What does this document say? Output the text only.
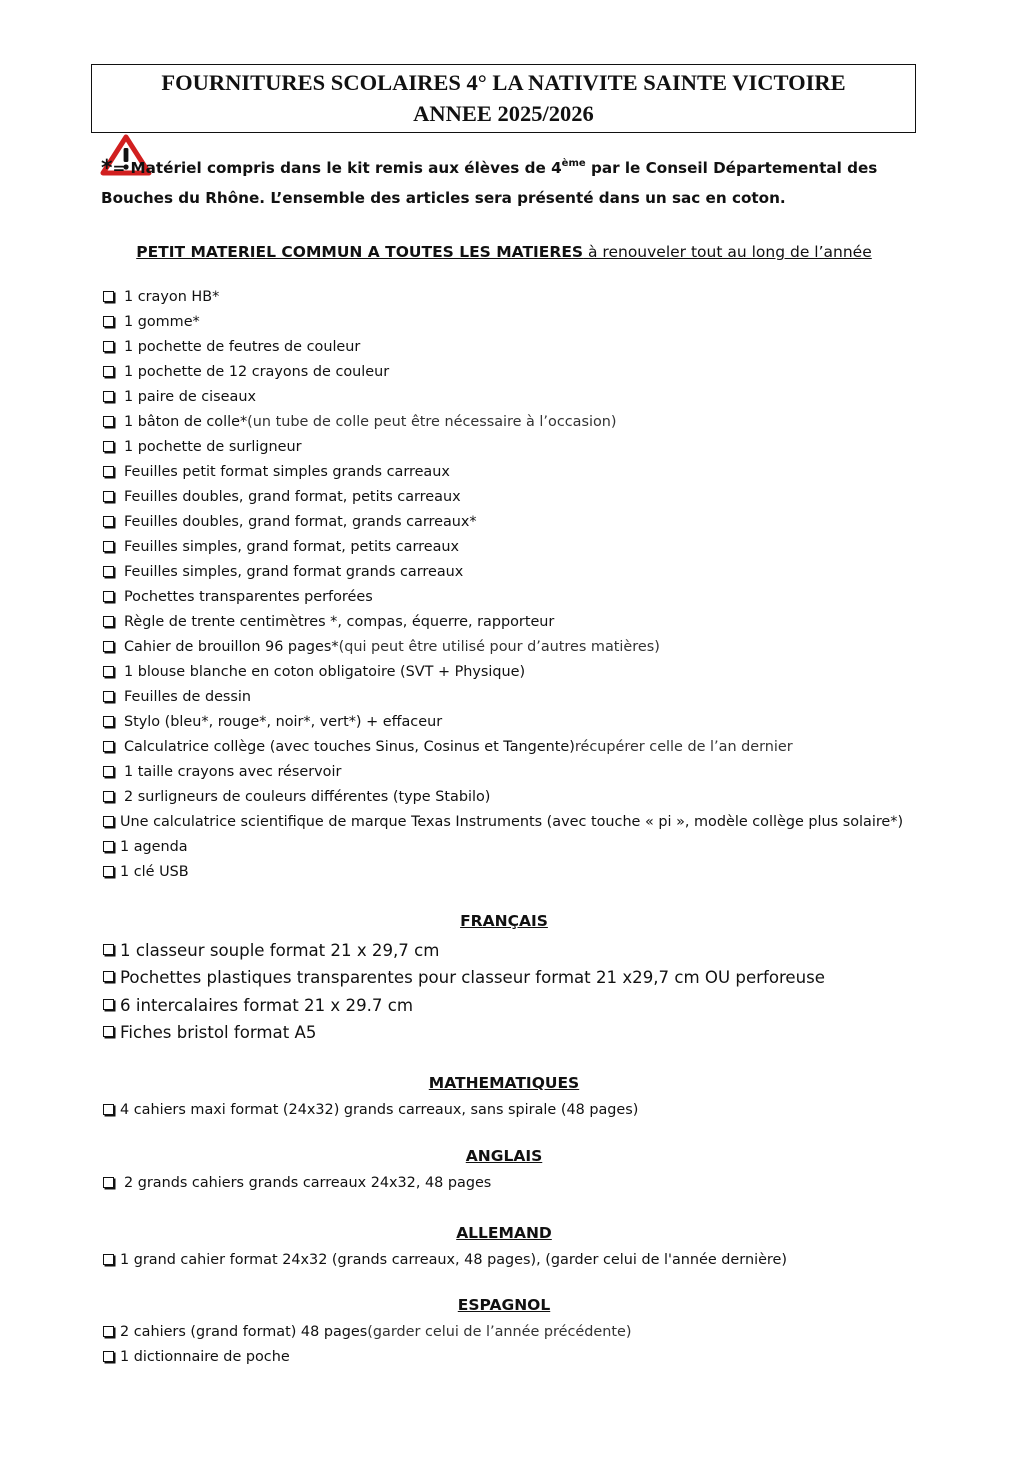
FOURNITURES SCOLAIRES 4° LA NATIVITE SAINTE VICTOIRE
ANNEE 2025/2026
*= Matériel compris dans le kit remis aux élèves de 4ème par le Conseil Départemental des
Bouches du Rhône. L’ensemble des articles sera présenté dans un sac en coton.
PETIT MATERIEL COMMUN A TOUTES LES MATIERES à renouveler tout au long de l’année
1 crayon HB*
1 gomme*
1 pochette de feutres de couleur
1 pochette de 12 crayons de couleur
1 paire de ciseaux
1 bâton de colle* (un tube de colle peut être nécessaire à l’occasion)
1 pochette de surligneur
Feuilles petit format simples grands carreaux
Feuilles doubles, grand format, petits carreaux
Feuilles doubles, grand format, grands carreaux*
Feuilles simples, grand format, petits carreaux
Feuilles simples, grand format grands carreaux
Pochettes transparentes perforées
Règle de trente centimètres *, compas, équerre, rapporteur
Cahier de brouillon 96 pages* (qui peut être utilisé pour d’autres matières)
1 blouse blanche en coton obligatoire (SVT + Physique)
Feuilles de dessin
Stylo (bleu*, rouge*, noir*, vert*) + effaceur
Calculatrice collège (avec touches Sinus, Cosinus et Tangente) récupérer celle de l’an dernier
1 taille crayons avec réservoir
2 surligneurs de couleurs différentes (type Stabilo)
Une calculatrice scientifique de marque Texas Instruments (avec touche « pi », modèle collège plus solaire*)
1 agenda
1 clé USB
FRANÇAIS
1 classeur souple format 21 x 29,7 cm
Pochettes plastiques transparentes pour classeur format 21 x29,7 cm OU perforeuse
6 intercalaires format 21 x 29.7 cm
Fiches bristol format A5
MATHEMATIQUES
4 cahiers maxi format (24x32) grands carreaux, sans spirale (48 pages)
ANGLAIS
2 grands cahiers grands carreaux 24x32, 48 pages
ALLEMAND
1 grand cahier format 24x32 (grands carreaux, 48 pages), (garder celui de l'année dernière)
ESPAGNOL
2 cahiers (grand format) 48 pages (garder celui de l’année précédente)
1 dictionnaire de poche
